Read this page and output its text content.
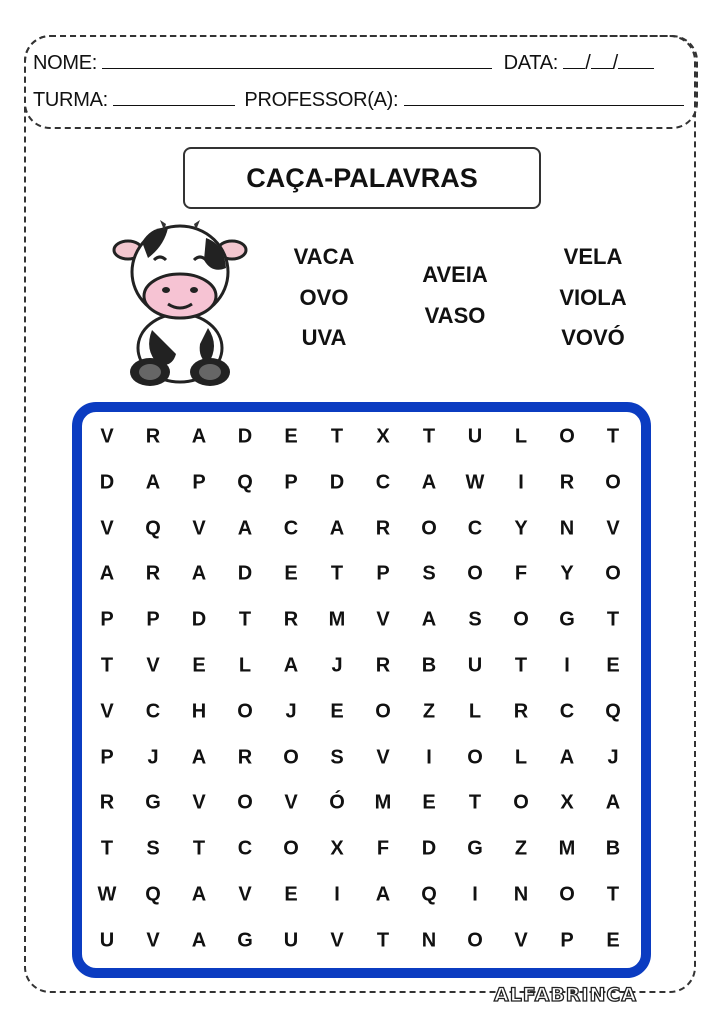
NOME:	DATA: / /
TURMA:	PROFESSOR(A):
CAÇA-PALAVRAS
VACA
OVO
UVA
AVEIA
VASO
VELA
VIOLA
VOVÓ
V	R	A	D	E	T	X	T	U	L	O	T
D	A	P	Q	P	D	C	A	W	I	R	O
V	Q	V	A	C	A	R	O	C	Y	N	V
A	R	A	D	E	T	P	S	O	F	Y	O
P	P	D	T	R	M	V	A	S	O	G	T
T	V	E	L	A	J	R	B	U	T	I	E
V	C	H	O	J	E	O	Z	L	R	C	Q
P	J	A	R	O	S	V	I	O	L	A	J
R	G	V	O	V	Ó	M	E	T	O	X	A
T	S	T	C	O	X	F	D	G	Z	M	B
W	Q	A	V	E	I	A	Q	I	N	O	T
U	V	A	G	U	V	T	N	O	V	P	E
ALFABRINCA
